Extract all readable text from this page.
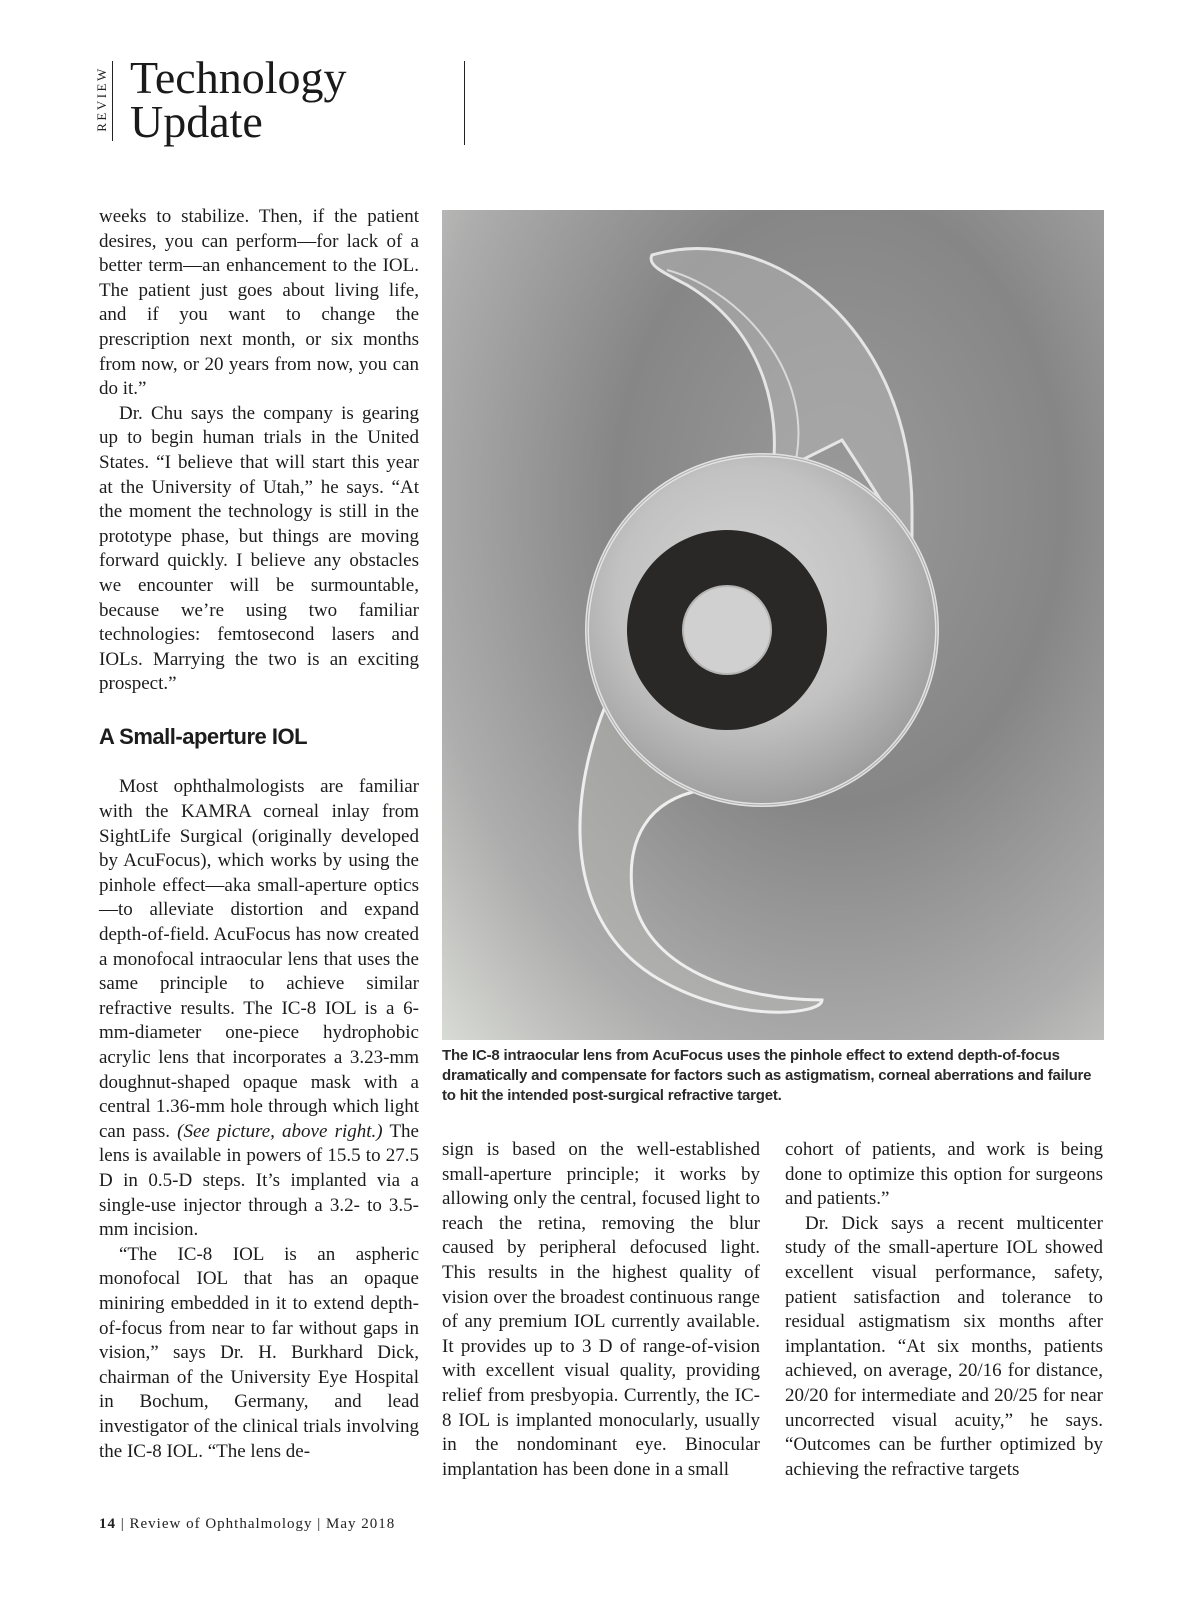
REVIEW Technology
Update

weeks to stabilize. Then, if the patient desires, you can perform—for lack of a better term—an enhancement to the IOL. The patient just goes about living life, and if you want to change the prescription next month, or six months from now, or 20 years from now, you can do it.”

Dr. Chu says the company is gearing up to begin human trials in the United States. “I believe that will start this year at the University of Utah,” he says. “At the moment the technology is still in the prototype phase, but things are moving forward quickly. I believe any obstacles we encounter will be surmountable, because we’re using two familiar technologies: femtosecond lasers and IOLs. Marrying the two is an exciting prospect.”

A Small-aperture IOL

Most ophthalmologists are familiar with the KAMRA corneal inlay from SightLife Surgical (originally developed by AcuFocus), which works by using the pinhole effect—aka small-aperture optics—to alleviate distortion and expand depth-of-field. AcuFocus has now created a monofocal intraocular lens that uses the same principle to achieve similar refractive results. The IC-8 IOL is a 6-mm-diameter one-piece hydrophobic acrylic lens that incorporates a 3.23-mm doughnut-shaped opaque mask with a central 1.36-mm hole through which light can pass. (See picture, above right.) The lens is available in powers of 15.5 to 27.5 D in 0.5-D steps. It’s implanted via a single-use injector through a 3.2- to 3.5-mm incision.

“The IC-8 IOL is an aspheric monofocal IOL that has an opaque miniring embedded in it to extend depth-of-focus from near to far without gaps in vision,” says Dr. H. Burkhard Dick, chairman of the University Eye Hospital in Bochum, Germany, and lead investigator of the clinical trials involving the IC-8 IOL. “The lens de-

The IC-8 intraocular lens from AcuFocus uses the pinhole effect to extend depth-of-focus dramatically and compensate for factors such as astigmatism, corneal aberrations and failure to hit the intended post-surgical refractive target.

sign is based on the well-established small-aperture principle; it works by allowing only the central, focused light to reach the retina, removing the blur caused by peripheral defocused light. This results in the highest quality of vision over the broadest continuous range of any premium IOL currently available. It provides up to 3 D of range-of-vision with excellent visual quality, providing relief from presbyopia. Currently, the IC-8 IOL is implanted monocularly, usually in the nondominant eye. Binocular implantation has been done in a small

cohort of patients, and work is being done to optimize this option for surgeons and patients.”

Dr. Dick says a recent multicenter study of the small-aperture IOL showed excellent visual performance, safety, patient satisfaction and tolerance to residual astigmatism six months after implantation. “At six months, patients achieved, on average, 20/16 for distance, 20/20 for intermediate and 20/25 for near uncorrected visual acuity,” he says. “Outcomes can be further optimized by achieving the refractive targets

14 | Review of Ophthalmology | May 2018
